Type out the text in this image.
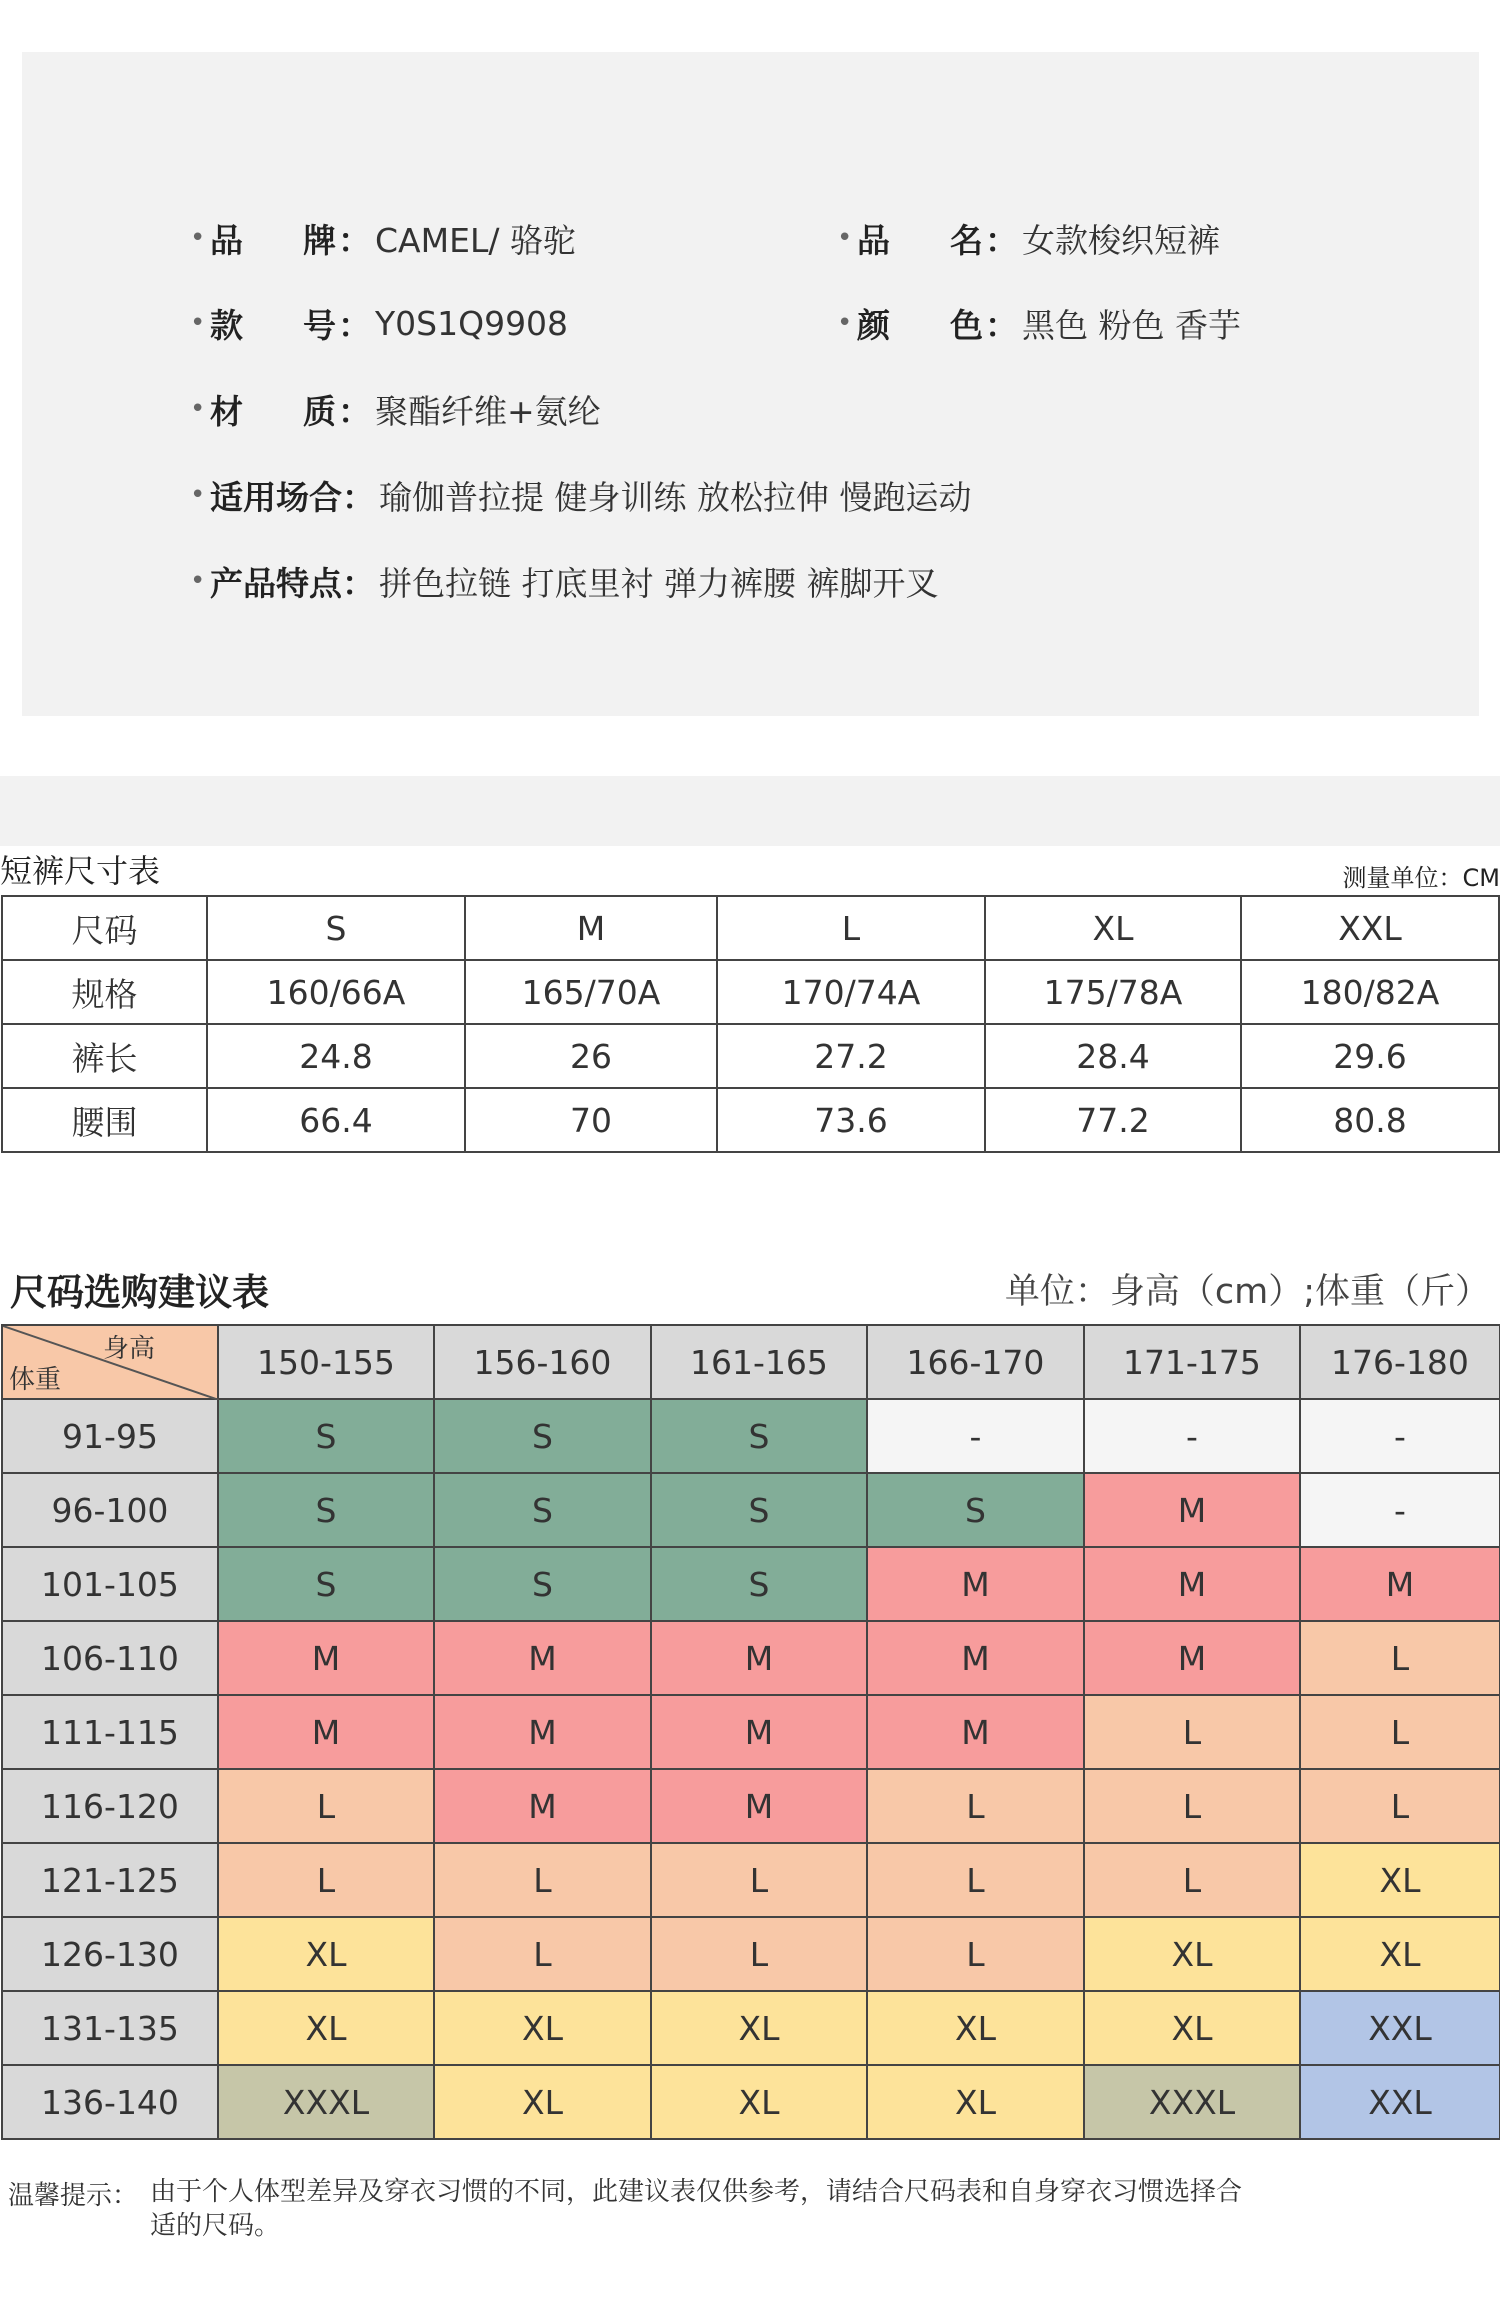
• 品 牌 ： CAMEL/ 骆驼	• 品 名 ： 女款梭织短裤
• 款 号 ： Y0S1Q9908	• 颜 色 ： 黑色 粉色 香芋
• 材 质 ： 聚酯纤维+氨纶
• 适用场合 ： 瑜伽普拉提 健身训练 放松拉伸 慢跑运动
• 产品特点 ： 拼色拉链 打底里衬 弹力裤腰 裤脚开叉
短裤尺寸表	测量单位：CM
尺码	S	M	L	XL	XXL
规格	160/66A	165/70A	170/74A	175/78A	180/82A
裤长	24.8	26	27.2	28.4	29.6
腰围	66.4	70	73.6	77.2	80.8
尺码选购建议表	单位：身高（cm）;体重（斤）
身高
体重	150-155	156-160	161-165	166-170	171-175	176-180
91-95	S	S	S	-	-	-
96-100	S	S	S	S	M	-
101-105	S	S	S	M	M	M
106-110	M	M	M	M	M	L
111-115	M	M	M	M	L	L
116-120	L	M	M	L	L	L
121-125	L	L	L	L	L	XL
126-130	XL	L	L	L	XL	XL
131-135	XL	XL	XL	XL	XL	XXL
136-140	XXXL	XL	XL	XL	XXXL	XXL
温馨提示： 由于个人体型差异及穿衣习惯的不同，此建议表仅供参考，请结合尺码表和自身穿衣习惯选择合适的尺码。
